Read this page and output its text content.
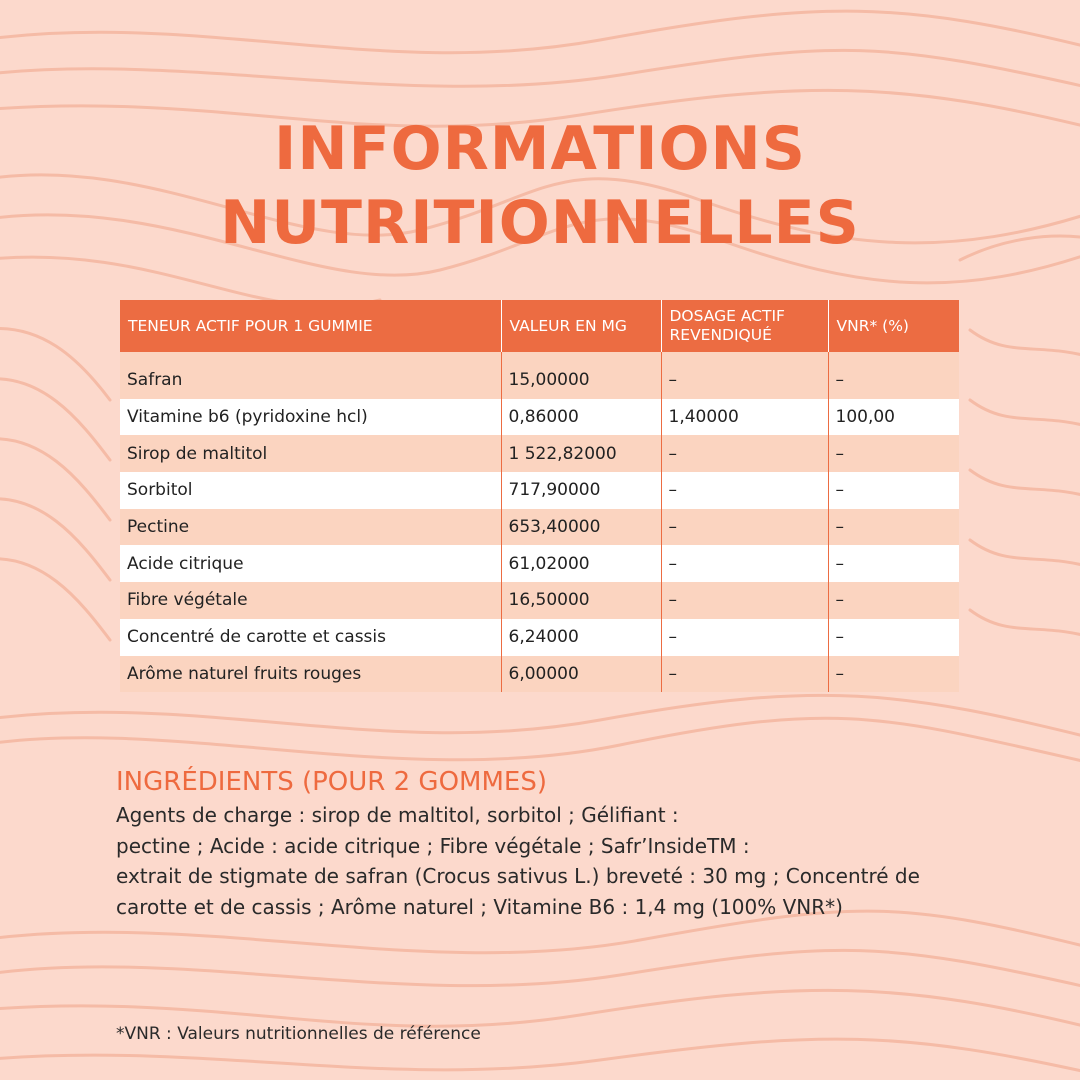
INFORMATIONS
NUTRITIONNELLES
TENEUR ACTIF POUR 1 GUMMIE	VALEUR EN MG	DOSAGE ACTIF REVENDIQUÉ	VNR* (%)

Safran	15,00000	–	–
Vitamine b6 (pyridoxine hcl)	0,86000	1,40000	100,00
Sirop de maltitol	1 522,82000	–	–
Sorbitol	717,90000	–	–
Pectine	653,40000	–	–
Acide citrique	61,02000	–	–
Fibre végétale	16,50000	–	–
Concentré de carotte et cassis	6,24000	–	–
Arôme naturel fruits rouges	6,00000	–	–
INGRÉDIENTS (POUR 2 GOMMES)

Agents de charge : sirop de maltitol, sorbitol ; Gélifiant :
pectine ; Acide : acide citrique ; Fibre végétale ; Safr’InsideTM :
extrait de stigmate de safran (Crocus sativus L.) breveté : 30 mg ; Concentré de
carotte et de cassis ; Arôme naturel ; Vitamine B6 : 1,4 mg (100% VNR*)

*VNR : Valeurs nutritionnelles de référence
